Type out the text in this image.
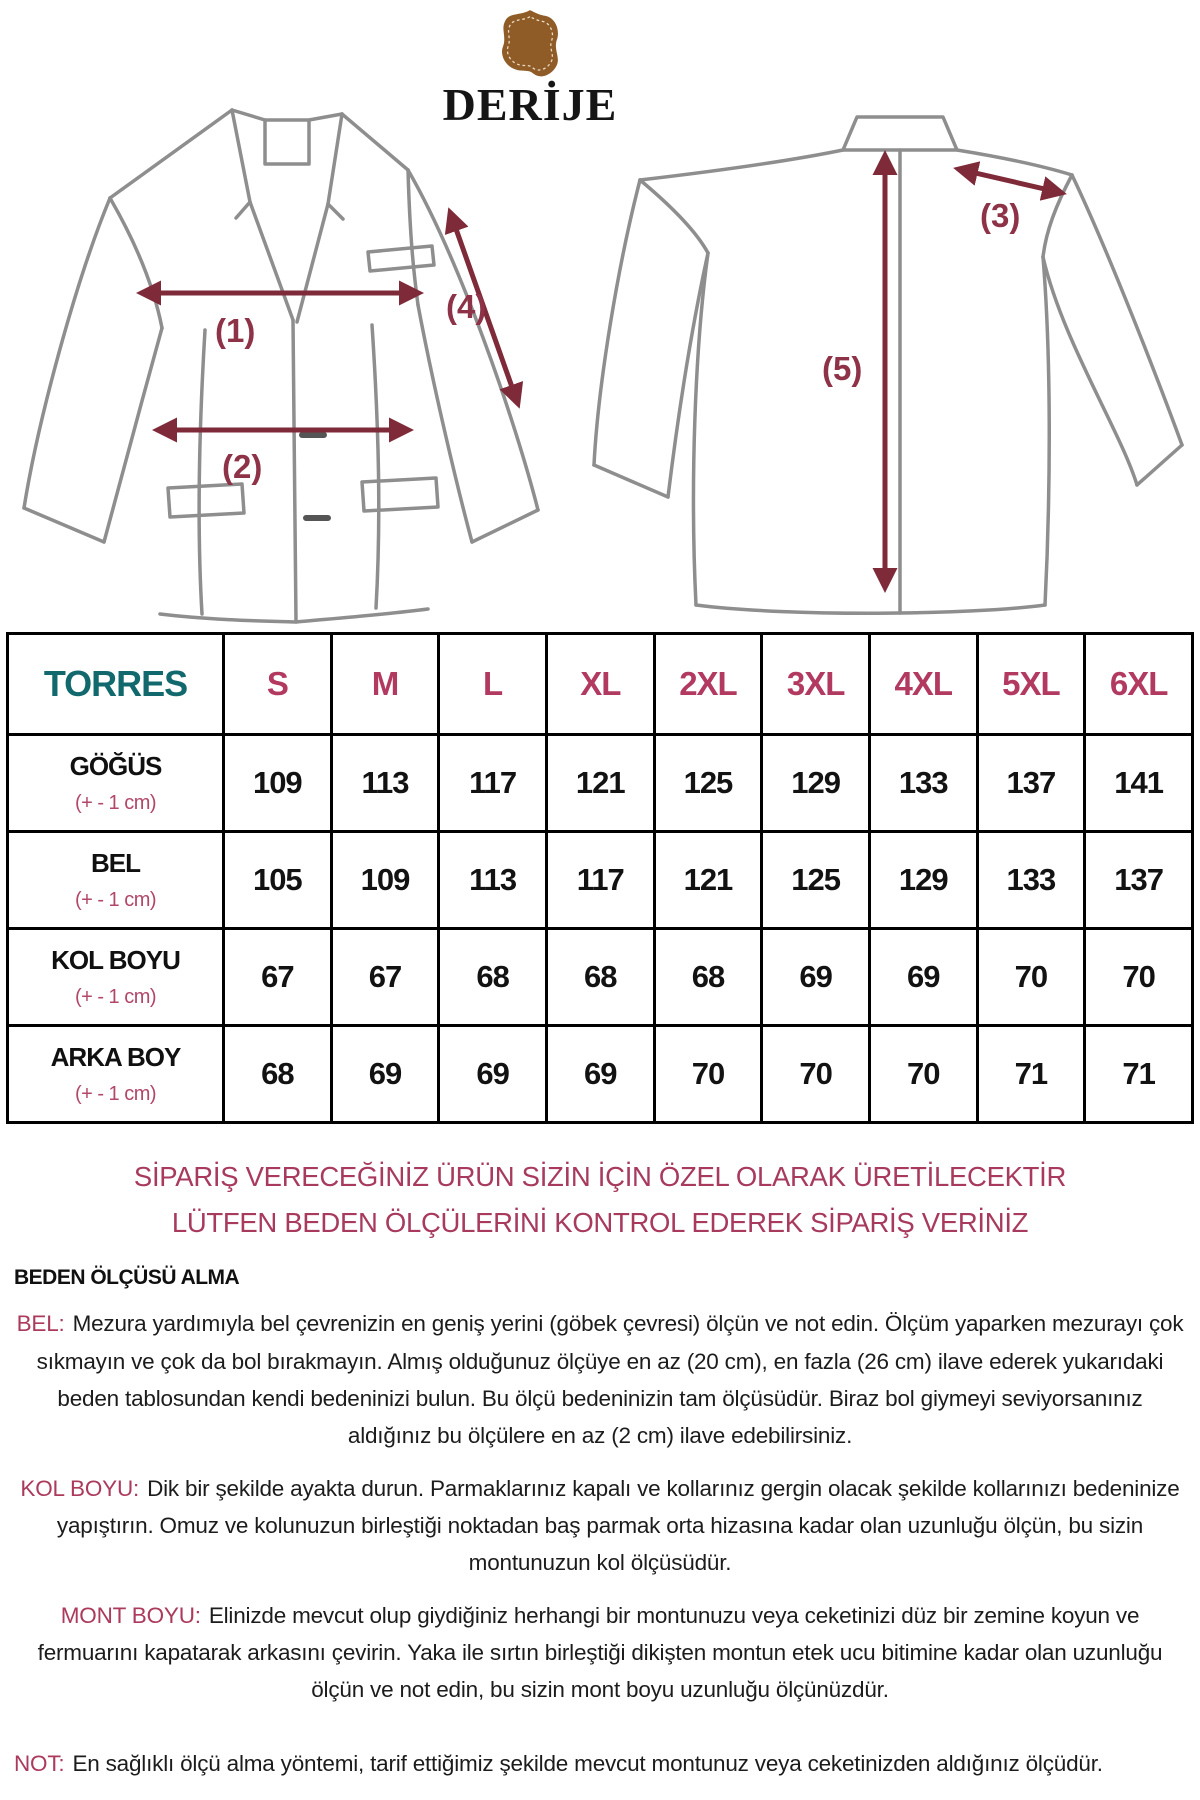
DERİJE
(1)
(2)
(4)
(5)
(3)
TORRES	S	M	L	XL	2XL	3XL	4XL	5XL	6XL

GÖĞÜS
(+ - 1 cm)	109	113	117	121	125	129	133	137	141

BEL
(+ - 1 cm)	105	109	113	117	121	125	129	133	137

KOL BOYU
(+ - 1 cm)	67	67	68	68	68	69	69	70	70

ARKA BOY
(+ - 1 cm)	68	69	69	69	70	70	70	71	71
SİPARİŞ VERECEĞİNİZ ÜRÜN SİZİN İÇİN ÖZEL OLARAK ÜRETİLECEKTİR
LÜTFEN BEDEN ÖLÇÜLERİNİ KONTROL EDEREK SİPARİŞ VERİNİZ
BEDEN ÖLÇÜSÜ ALMA

BEL: Mezura yardımıyla bel çevrenizin en geniş yerini (göbek çevresi) ölçün ve not edin. Ölçüm yaparken mezurayı çok sıkmayın ve çok da bol bırakmayın. Almış olduğunuz ölçüye en az (20 cm), en fazla (26 cm) ilave ederek yukarıdaki beden tablosundan kendi bedeninizi bulun. Bu ölçü bedeninizin tam ölçüsüdür. Biraz bol giymeyi seviyorsanınız aldığınız bu ölçülere en az (2 cm) ilave edebilirsiniz.

KOL BOYU: Dik bir şekilde ayakta durun. Parmaklarınız kapalı ve kollarınız gergin olacak şekilde kollarınızı bedeninize yapıştırın. Omuz ve kolunuzun birleştiği noktadan baş parmak orta hizasına kadar olan uzunluğu ölçün, bu sizin montunuzun kol ölçüsüdür.

MONT BOYU: Elinizde mevcut olup giydiğiniz herhangi bir montunuzu veya ceketinizi düz bir zemine koyun ve fermuarını kapatarak arkasını çevirin. Yaka ile sırtın birleştiği dikişten montun etek ucu bitimine kadar olan uzunluğu ölçün ve not edin, bu sizin mont boyu uzunluğu ölçünüzdür.

NOT: En sağlıklı ölçü alma yöntemi, tarif ettiğimiz şekilde mevcut montunuz veya ceketinizden aldığınız ölçüdür.
